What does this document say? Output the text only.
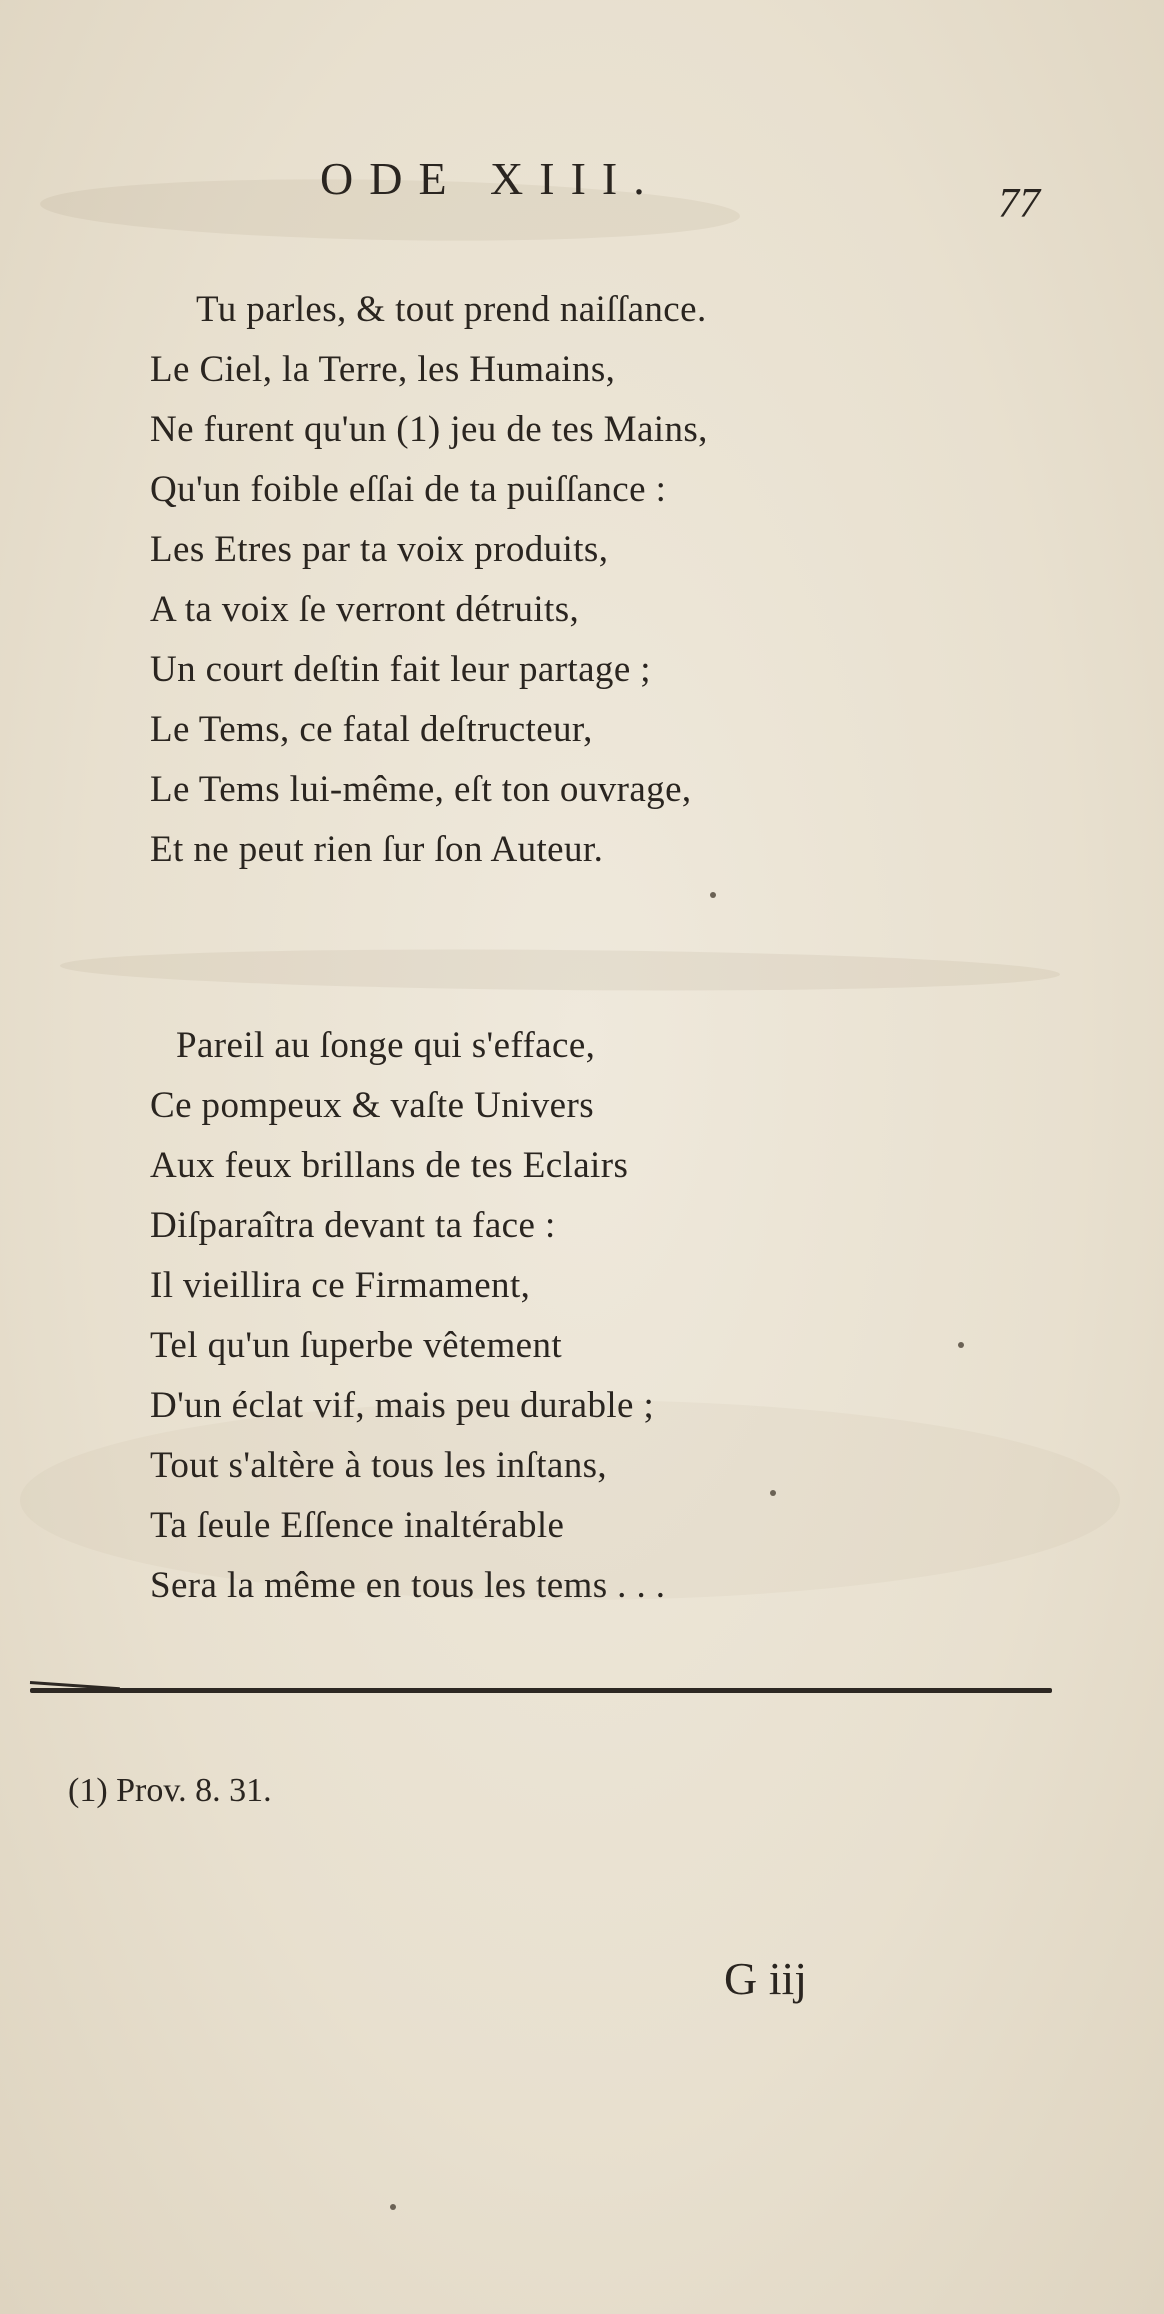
ODE XIII.	77
Tu parles, & tout prend naiſſance.
Le Ciel, la Terre, les Humains,
Ne furent qu'un (1) jeu de tes Mains,
Qu'un foible eſſai de ta puiſſance :
Les Etres par ta voix produits,
A ta voix ſe verront détruits,
Un court deſtin fait leur partage ;
Le Tems, ce fatal deſtructeur,
Le Tems lui-même, eſt ton ouvrage,
Et ne peut rien ſur ſon Auteur.
Pareil au ſonge qui s'efface,
Ce pompeux & vaſte Univers
Aux feux brillans de tes Eclairs
Diſparaîtra devant ta face :
Il vieillira ce Firmament,
Tel qu'un ſuperbe vêtement
D'un éclat vif, mais peu durable ;
Tout s'altère à tous les inſtans,
Ta ſeule Eſſence inaltérable
Sera la même en tous les tems . . .
(1) Prov. 8. 31.
G iij
